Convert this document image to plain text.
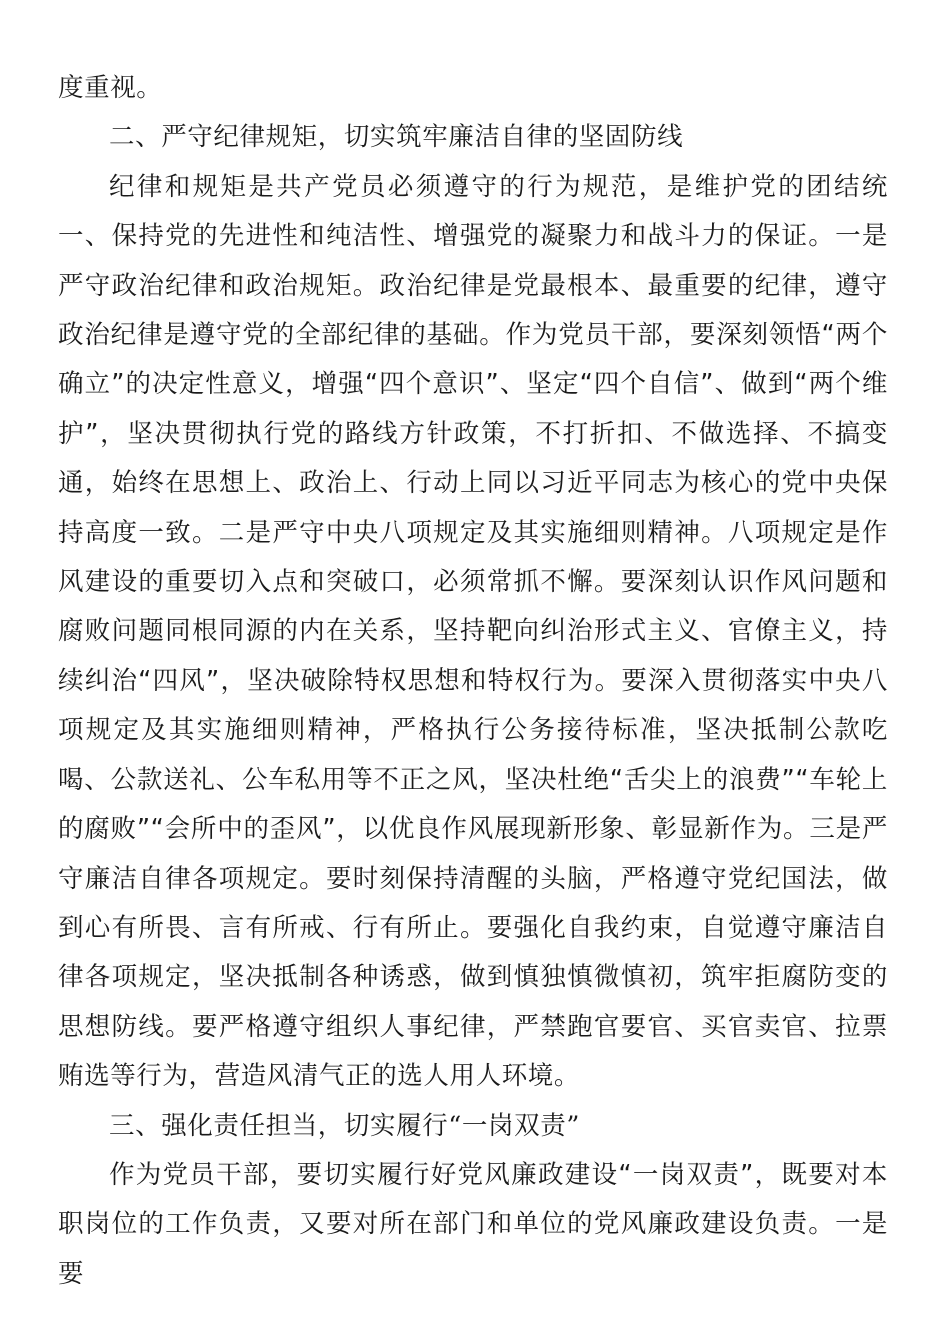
度重视。

二、严守纪律规矩，切实筑牢廉洁自律的坚固防线

纪律和规矩是共产党员必须遵守的行为规范，是维护党的团结统一、保持党的先进性和纯洁性、增强党的凝聚力和战斗力的保证。一是严守政治纪律和政治规矩。政治纪律是党最根本、最重要的纪律，遵守政治纪律是遵守党的全部纪律的基础。作为党员干部，要深刻领悟“两个确立”的决定性意义，增强“四个意识”、坚定“四个自信”、做到“两个维护”，坚决贯彻执行党的路线方针政策，不打折扣、不做选择、不搞变通，始终在思想上、政治上、行动上同以习近平同志为核心的党中央保持高度一致。二是严守中央八项规定及其实施细则精神。八项规定是作风建设的重要切入点和突破口，必须常抓不懈。要深刻认识作风问题和腐败问题同根同源的内在关系，坚持靶向纠治形式主义、官僚主义，持续纠治“四风”，坚决破除特权思想和特权行为。要深入贯彻落实中央八项规定及其实施细则精神，严格执行公务接待标准，坚决抵制公款吃喝、公款送礼、公车私用等不正之风，坚决杜绝“舌尖上的浪费”“车轮上的腐败”“会所中的歪风”，以优良作风展现新形象、彰显新作为。三是严守廉洁自律各项规定。要时刻保持清醒的头脑，严格遵守党纪国法，做到心有所畏、言有所戒、行有所止。要强化自我约束，自觉遵守廉洁自律各项规定，坚决抵制各种诱惑，做到慎独慎微慎初，筑牢拒腐防变的思想防线。要严格遵守组织人事纪律，严禁跑官要官、买官卖官、拉票贿选等行为，营造风清气正的选人用人环境。

三、强化责任担当，切实履行“一岗双责”

作为党员干部，要切实履行好党风廉政建设“一岗双责”，既要对本职岗位的工作负责，又要对所在部门和单位的党风廉政建设负责。一是要
